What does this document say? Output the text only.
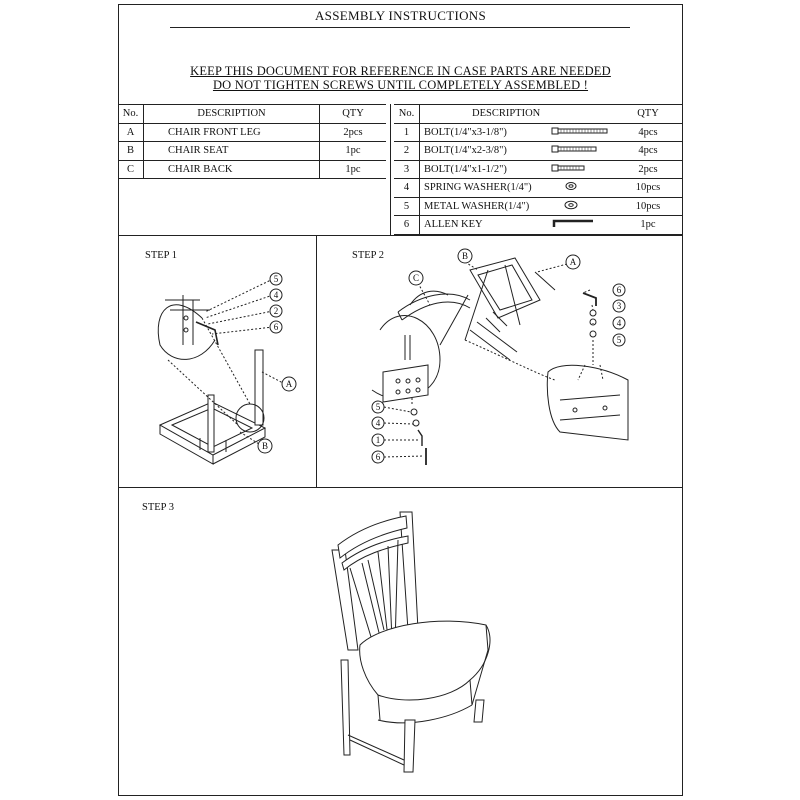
ASSEMBLY INSTRUCTIONS
KEEP THIS DOCUMENT FOR REFERENCE IN CASE PARTS ARE NEEDED
DO NOT TIGHTEN SCREWS UNTIL COMPLETELY ASSEMBLED !
No.	DESCRIPTION	QTY
A	CHAIR FRONT LEG	2pcs
B	CHAIR SEAT	1pc
C	CHAIR BACK	1pc
No.	DESCRIPTION		QTY
1	BOLT(1/4"x3-1/8")		4pcs
2	BOLT(1/4"x2-3/8")		4pcs
3	BOLT(1/4"x1-1/2")		2pcs
4	SPRING WASHER(1/4")		10pcs
5	METAL WASHER(1/4")		10pcs
6	ALLEN KEY		1pc
STEP 1	STEP 2
STEP 3
5
4
2
6
A
B
C
B
A
6
3
4
5
5
4
1
6
